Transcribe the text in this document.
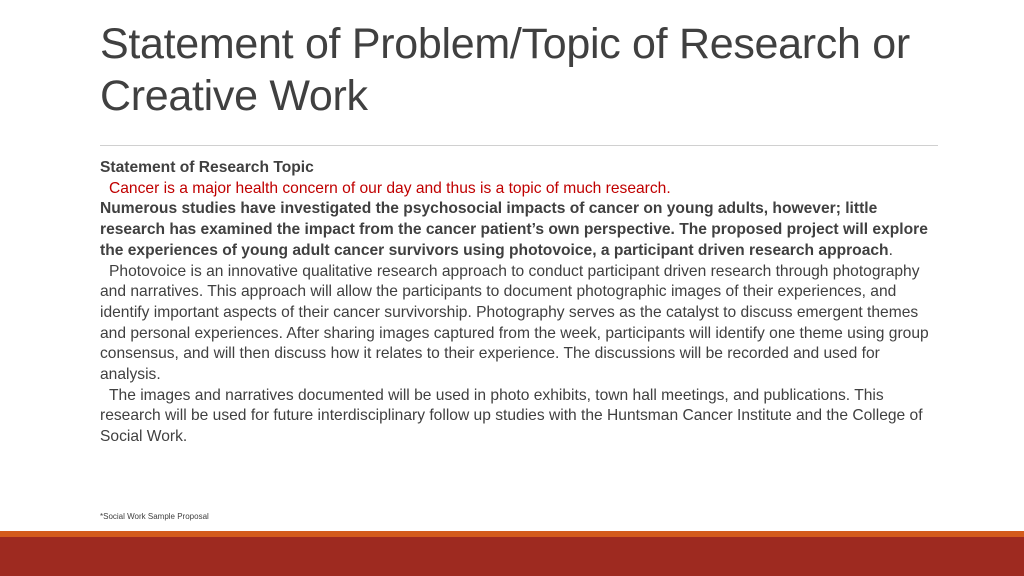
Statement of Problem/Topic of Research or Creative Work

Statement of Research Topic

Cancer is a major health concern of our day and thus is a topic of much research.

Numerous studies have investigated the psychosocial impacts of cancer on young adults, however; little research has examined the impact from the cancer patient’s own perspective. The proposed project will explore the experiences of young adult cancer survivors using photovoice, a participant driven research approach.

Photovoice is an innovative qualitative research approach to conduct participant driven research through photography and narratives. This approach will allow the participants to document photographic images of their experiences, and identify important aspects of their cancer survivorship. Photography serves as the catalyst to discuss emergent themes and personal experiences. After sharing images captured from the week, participants will identify one theme using group consensus, and will then discuss how it relates to their experience. The discussions will be recorded and used for analysis.

The images and narratives documented will be used in photo exhibits, town hall meetings, and publications. This research will be used for future interdisciplinary follow up studies with the Huntsman Cancer Institute and the College of Social Work.

*Social Work Sample Proposal
